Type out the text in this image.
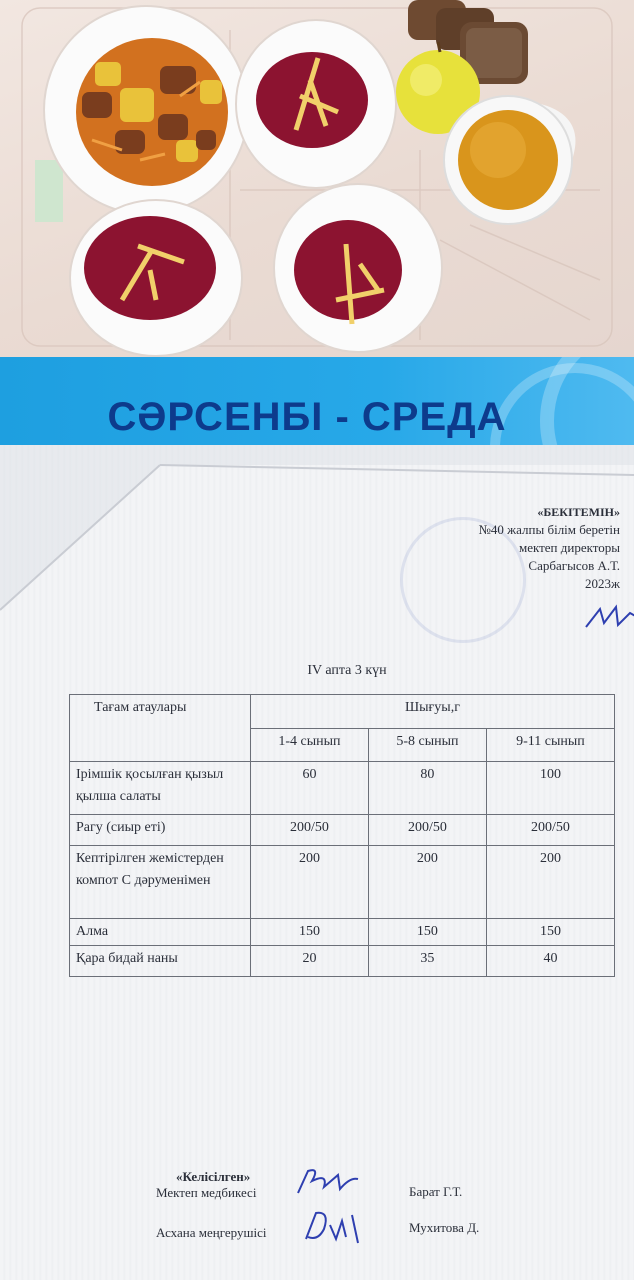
СӘРСЕНБІ - СРЕДА
«БЕКІТЕМІН»
№40 жалпы білім беретін
мектеп директоры
Сарбагысов А.Т.
2023ж
IV апта 3 күн
Тағам атаулары	Шығуы,г		
	1-4 сынып	5-8 сынып	9-11 сынып
Ірімшік қосылған қызыл қылша салаты	60	80	100
Рагу (сиыр еті)	200/50	200/50	200/50
Кептірілген жемістерден компот С дәруменімен	200	200	200
Алма	150	150	150
Қара бидай наны	20	35	40
«Келісілген»
Мектеп медбикесі	Барат Г.Т.
Асхана меңгерушісі	Мухитова Д.
